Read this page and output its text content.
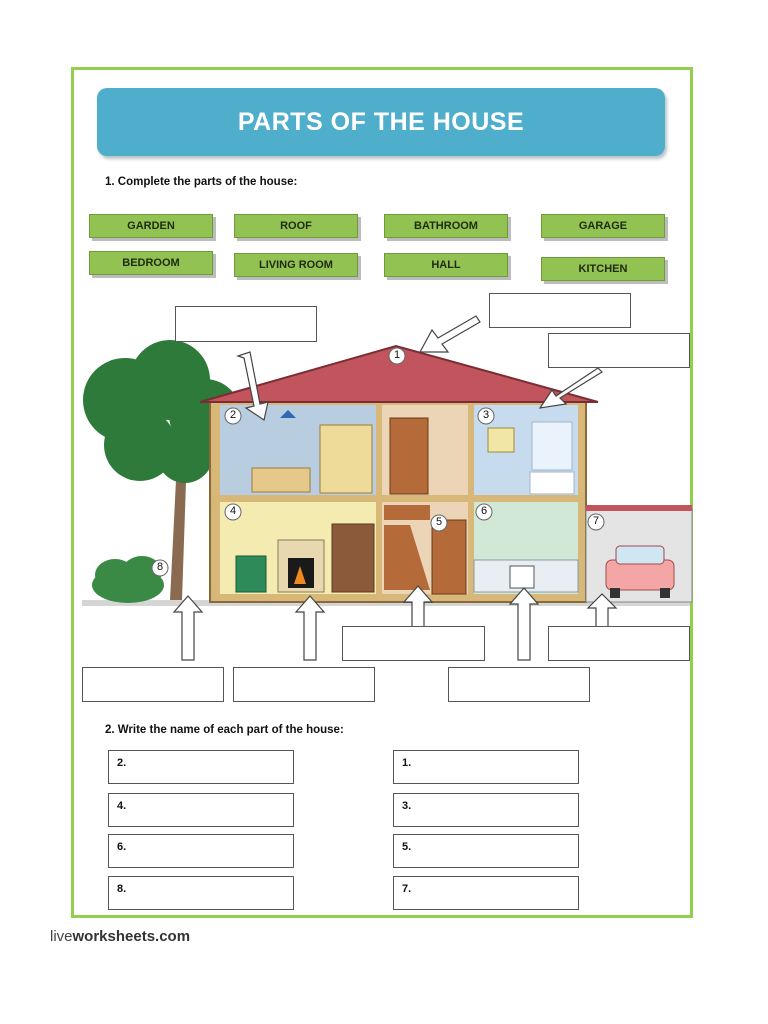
PARTS OF THE HOUSE
1. Complete the parts of the house:
GARDEN	ROOF	BATHROOM	GARAGE
BEDROOM	LIVING ROOM	HALL	KITCHEN
1
2	3
4
5
6
7
8
2. Write the name of each part of the house:
2.
4.
6.
8.
1.
3.
5.
7.
liveworksheets.com
